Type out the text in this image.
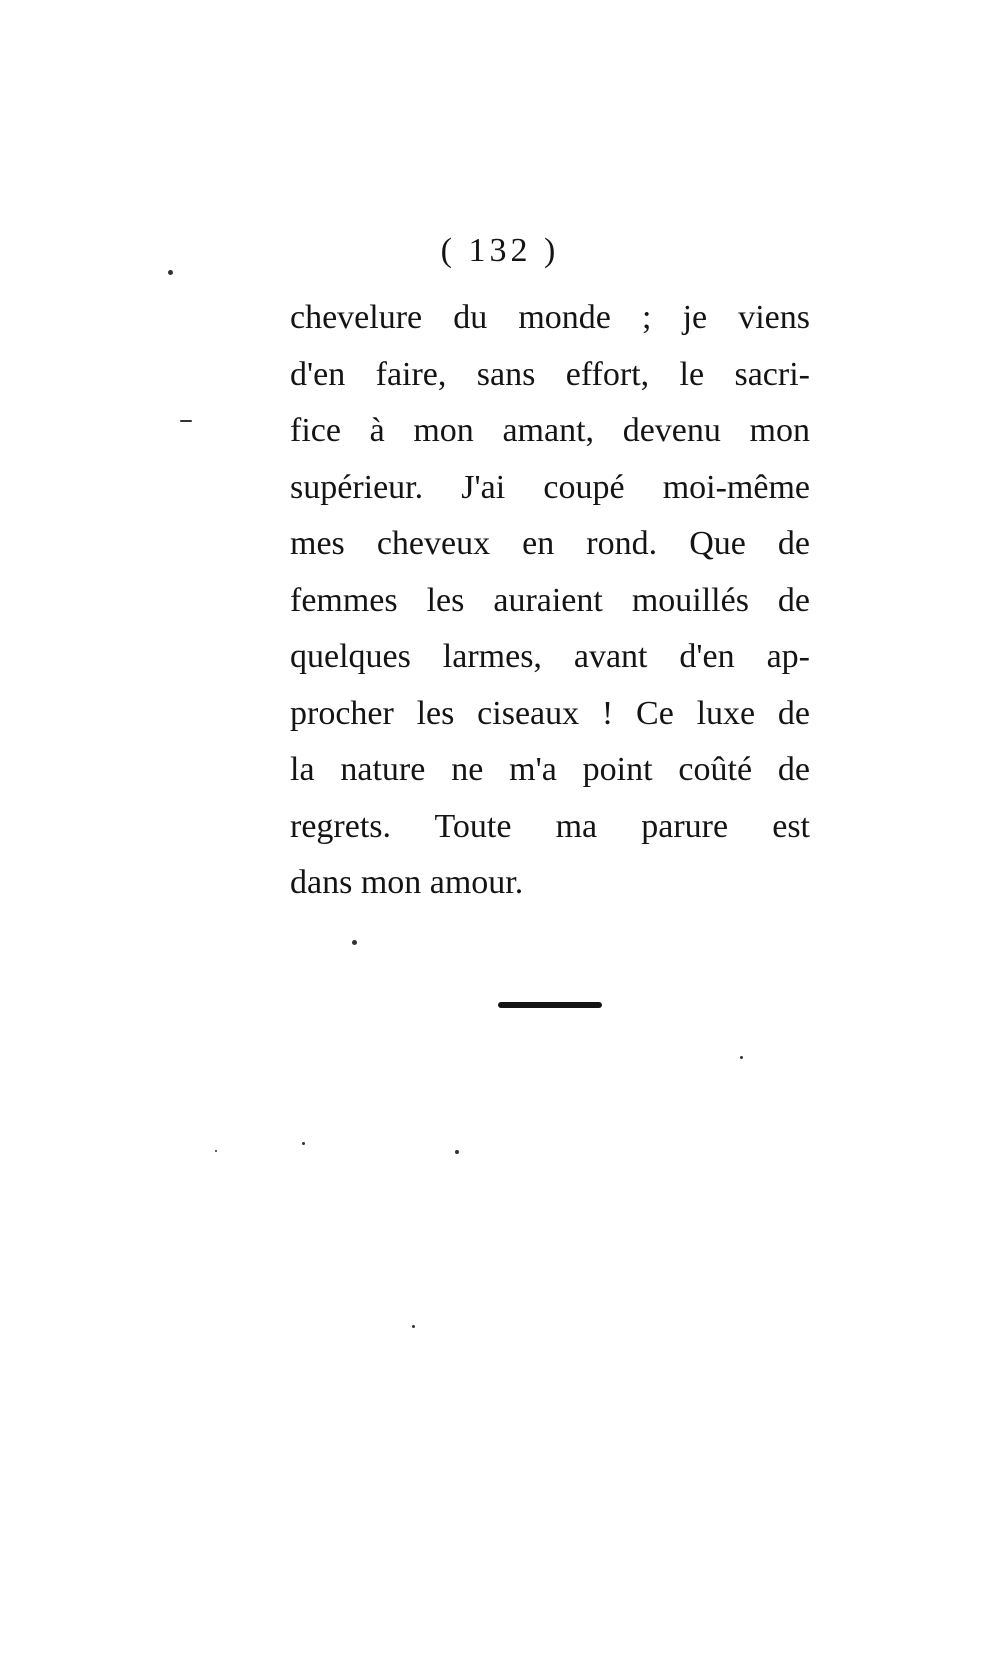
( 132 )
chevelure du monde ; je viens
d'en faire, sans effort, le sacri-
fice à mon amant, devenu mon
supérieur. J'ai coupé moi-même
mes cheveux en rond. Que de
femmes les auraient mouillés de
quelques larmes, avant d'en ap-
procher les ciseaux ! Ce luxe de
la nature ne m'a point coûté de
regrets. Toute ma parure est
dans mon amour.
